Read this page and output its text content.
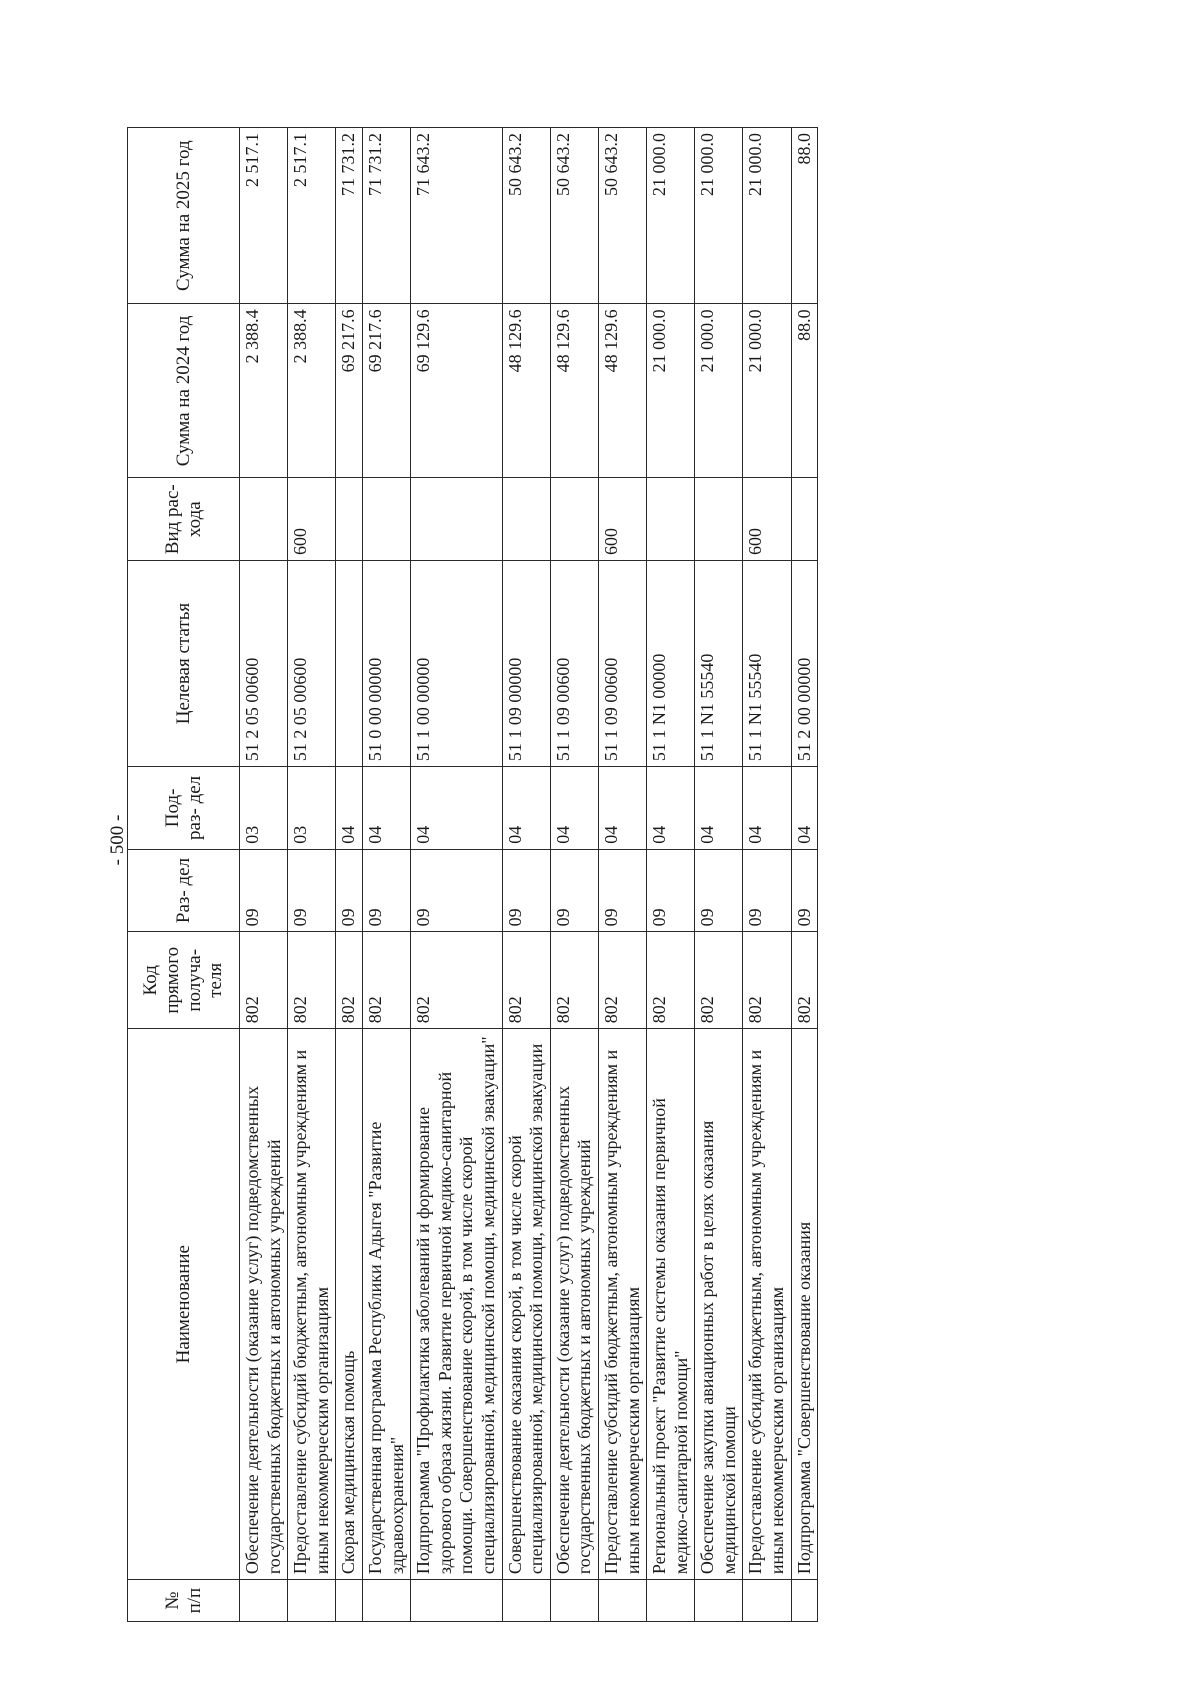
- 500 -
№ п/п	Наименование	Код прямого получа- теля	Раз- дел	Под- раз- дел	Целевая статья	Вид рас- хода	Сумма на 2024 год	Сумма на 2025 год
	Обеспечение деятельности (оказание услуг) подведомственных государственных бюджетных и автономных учреждений	802	09	03	51 2 05 00600		2 388.4	2 517.1
	Предоставление субсидий бюджетным, автономным учреждениям и иным некоммерческим организациям	802	09	03	51 2 05 00600	600	2 388.4	2 517.1
	Скорая медицинская помощь	802	09	04			69 217.6	71 731.2
	Государственная программа Республики Адыгея "Развитие здравоохранения"	802	09	04	51 0 00 00000		69 217.6	71 731.2
	Подпрограмма "Профилактика заболеваний и формирование здорового образа жизни. Развитие первичной медико-санитарной помощи. Совершенствование скорой, в том числе скорой специализированной, медицинской помощи, медицинской эвакуации"	802	09	04	51 1 00 00000		69 129.6	71 643.2
	Совершенствование оказания скорой, в том числе скорой специализированной, медицинской помощи, медицинской эвакуации	802	09	04	51 1 09 00000		48 129.6	50 643.2
	Обеспечение деятельности (оказание услуг) подведомственных государственных бюджетных и автономных учреждений	802	09	04	51 1 09 00600		48 129.6	50 643.2
	Предоставление субсидий бюджетным, автономным учреждениям и иным некоммерческим организациям	802	09	04	51 1 09 00600	600	48 129.6	50 643.2
	Региональный проект "Развитие системы оказания первичной медико-санитарной помощи"	802	09	04	51 1 N1 00000		21 000.0	21 000.0
	Обеспечение закупки авиационных работ в целях оказания медицинской помощи	802	09	04	51 1 N1 55540		21 000.0	21 000.0
	Предоставление субсидий бюджетным, автономным учреждениям и иным некоммерческим организациям	802	09	04	51 1 N1 55540	600	21 000.0	21 000.0
	Подпрограмма "Совершенствование оказания	802	09	04	51 2 00 00000		88.0	88.0
